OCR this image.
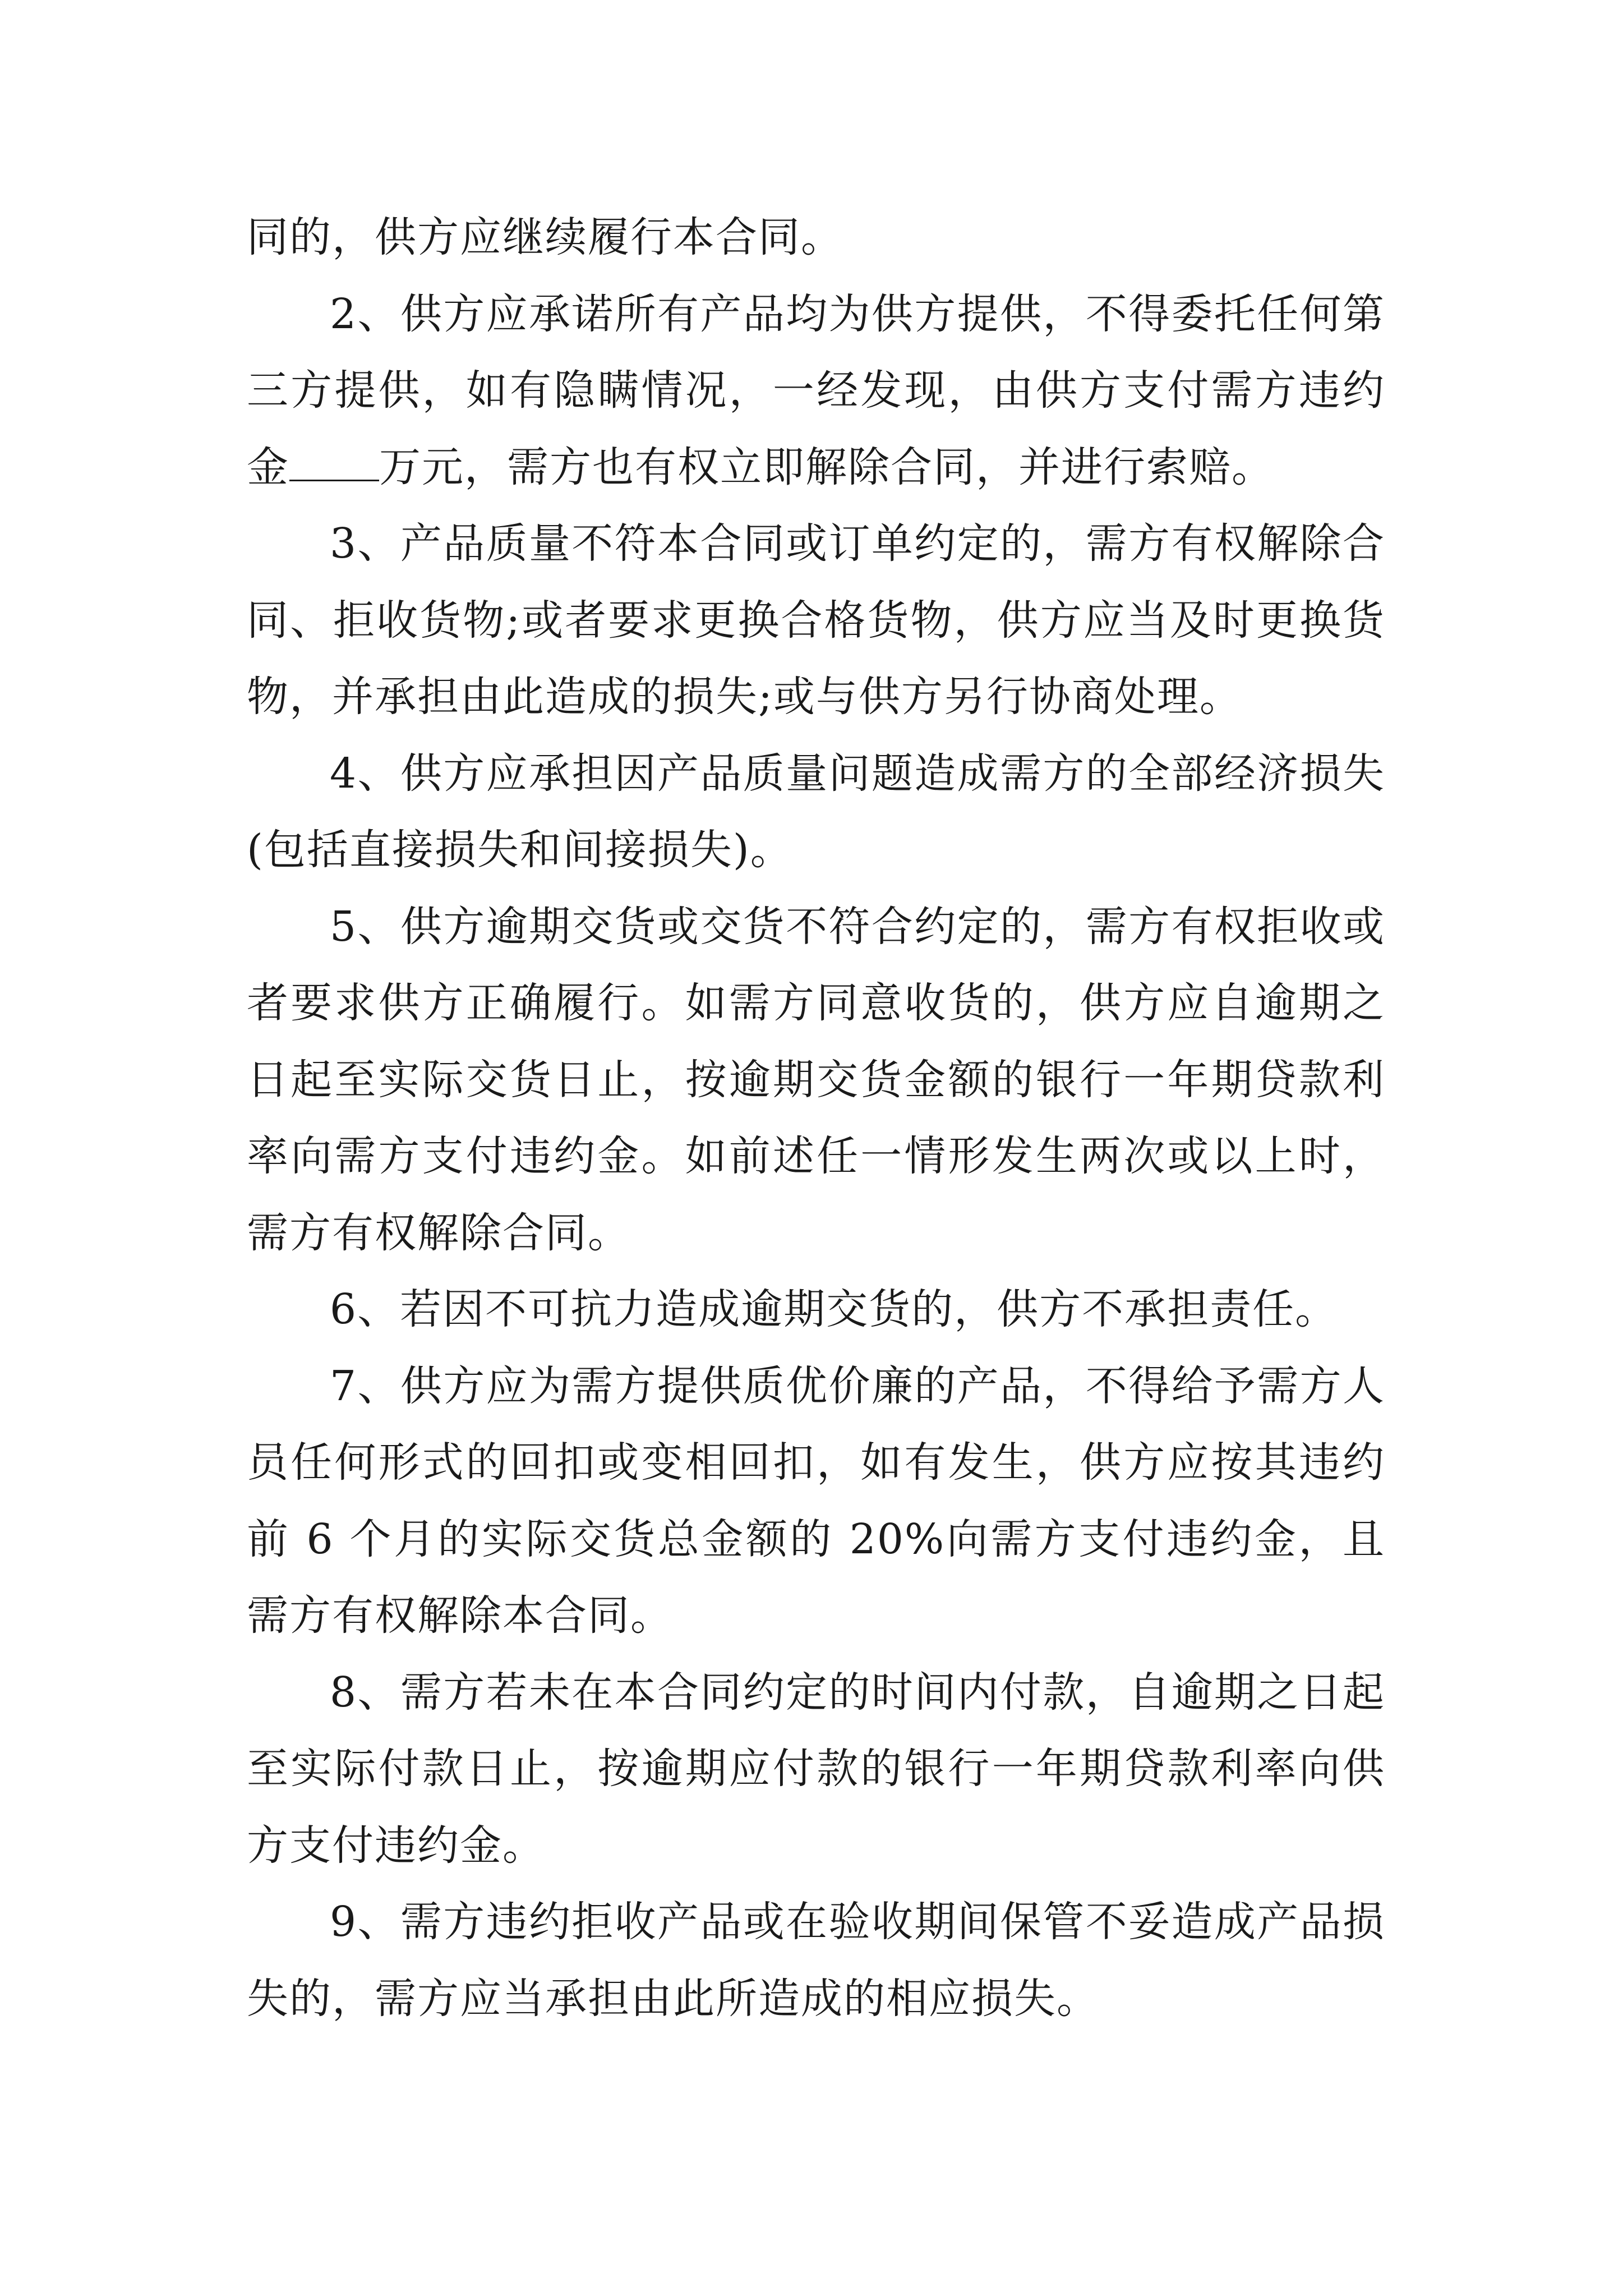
同的，供方应继续履行本合同。

2、供方应承诺所有产品均为供方提供，不得委托任何第三方提供，如有隐瞒情况，一经发现，由供方支付需方违约金 万元，需方也有权立即解除合同，并进行索赔。

3、产品质量不符本合同或订单约定的，需方有权解除合同、拒收货物;或者要求更换合格货物，供方应当及时更换货物，并承担由此造成的损失;或与供方另行协商处理。

4、供方应承担因产品质量问题造成需方的全部经济损失(包括直接损失和间接损失)。

5、供方逾期交货或交货不符合约定的，需方有权拒收或者要求供方正确履行。如需方同意收货的，供方应自逾期之日起至实际交货日止，按逾期交货金额的银行一年期贷款利率向需方支付违约金。如前述任一情形发生两次或以上时，需方有权解除合同。

6、若因不可抗力造成逾期交货的，供方不承担责任。

7、供方应为需方提供质优价廉的产品，不得给予需方人员任何形式的回扣或变相回扣，如有发生，供方应按其违约前 6 个月的实际交货总金额的 20%向需方支付违约金，且需方有权解除本合同。

8、需方若未在本合同约定的时间内付款，自逾期之日起至实际付款日止，按逾期应付款的银行一年期贷款利率向供方支付违约金。

9、需方违约拒收产品或在验收期间保管不妥造成产品损失的，需方应当承担由此所造成的相应损失。
